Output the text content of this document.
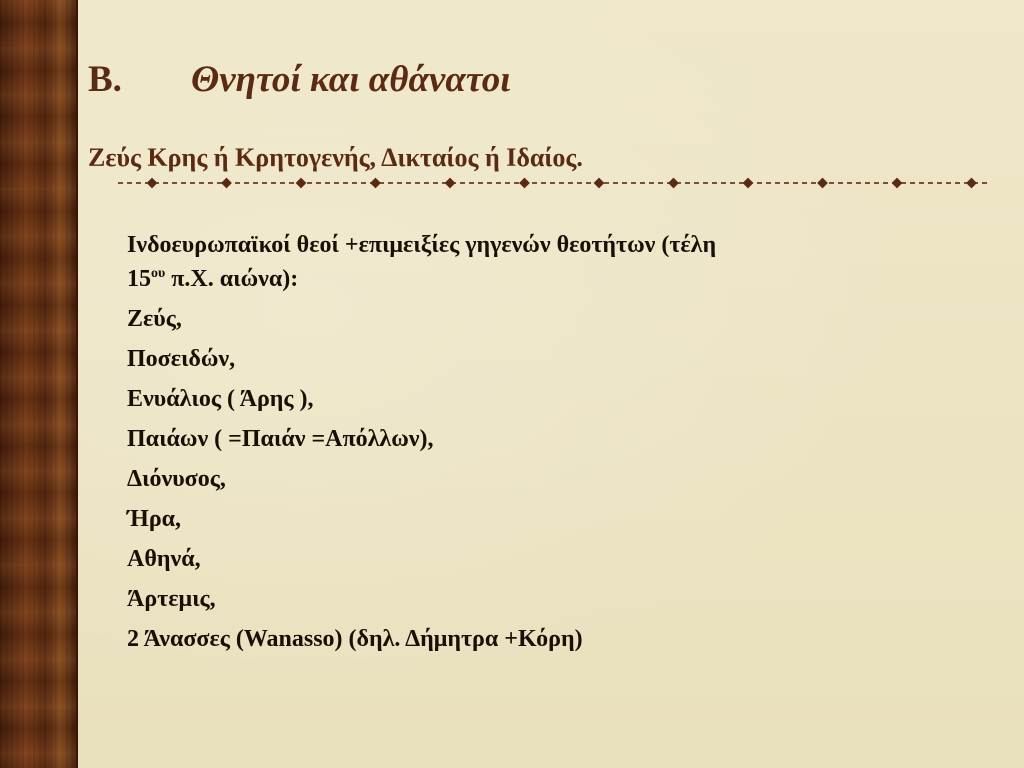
Β. Θνητοί και αθάνατοι
Ζεύς Κρης ή Κρητογενής, Δικταίος ή Ιδαίος.
Ινδοευρωπαϊκοί θεοί +επιμειξίες γηγενών θεοτήτων (τέλη
$15^{o\upsilon}$ π.Χ. αιώνα):
Ζεύς,
Ποσειδών,
Ενυάλιος ( Άρης ),
Παιάων ( =Παιάν =Απόλλων),
Διόνυσος,
Ήρα,
Αθηνά,
Άρτεμις,
2 Άνασσες (Wanasso) (δηλ. Δήμητρα +Κόρη)
